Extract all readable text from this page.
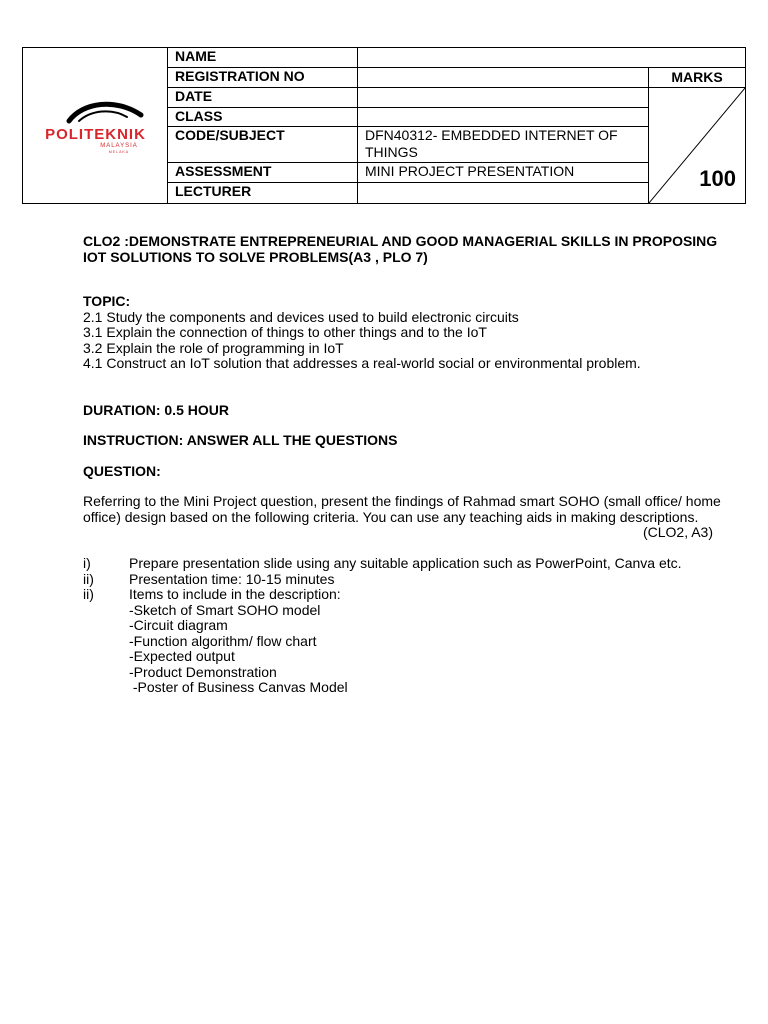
POLITEKNIK
MALAYSIA
MELAKA	NAME		
	REGISTRATION NO		MARKS
	DATE		100

	CLASS		
	CODE/SUBJECT	DFN40312- EMBEDDED INTERNET OF THINGS	
	ASSESSMENT	MINI PROJECT PRESENTATION	
	LECTURER		
CLO2 :DEMONSTRATE ENTREPRENEURIAL AND GOOD MANAGERIAL SKILLS IN PROPOSING IOT SOLUTIONS TO SOLVE PROBLEMS(A3 , PLO 7)
TOPIC:
2.1 Study the components and devices used to build electronic circuits
3.1 Explain the connection of things to other things and to the IoT
3.2 Explain the role of programming in IoT
4.1 Construct an IoT solution that addresses a real-world social or environmental problem.
DURATION: 0.5 HOUR
INSTRUCTION: ANSWER ALL THE QUESTIONS
QUESTION:
Referring to the Mini Project question, present the findings of Rahmad smart SOHO (small office/ home office) design based on the following criteria. You can use any teaching aids in making descriptions.
(CLO2, A3)
i)	Prepare presentation slide using any suitable application such as PowerPoint, Canva etc.
ii)	Presentation time: 10-15 minutes
ii)	Items to include in the description:
-Sketch of Smart SOHO model
-Circuit diagram
-Function algorithm/ flow chart
-Expected output
-Product Demonstration
-Poster of Business Canvas Model
